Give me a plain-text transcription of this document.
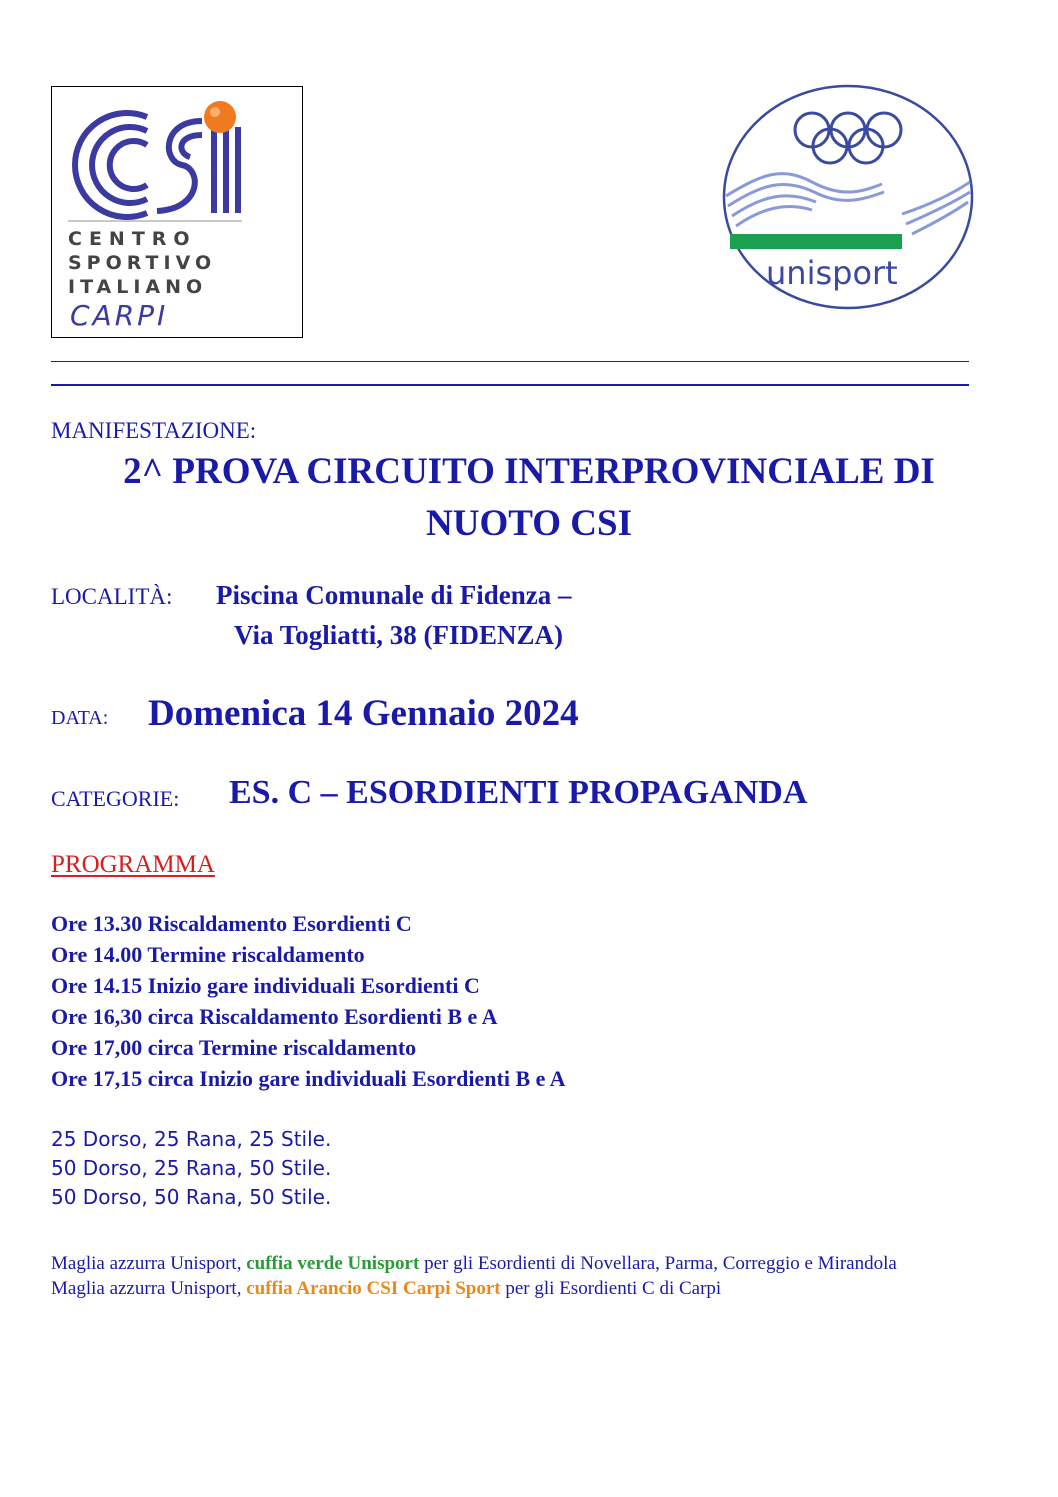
CENTRO
SPORTIVO
ITALIANO
CARPI
unisport
MANIFESTAZIONE:
2^ PROVA CIRCUITO INTERPROVINCIALE DI
NUOTO CSI
LOCALITÀ: Piscina Comunale di Fidenza –
Via Togliatti, 38 (FIDENZA)
DATA: Domenica 14 Gennaio 2024
CATEGORIE: ES. C – ESORDIENTI PROPAGANDA
PROGRAMMA
Ore 13.30 Riscaldamento Esordienti C
Ore 14.00 Termine riscaldamento
Ore 14.15 Inizio gare individuali Esordienti C
Ore 16,30 circa Riscaldamento Esordienti B e A
Ore 17,00 circa Termine riscaldamento
Ore 17,15 circa Inizio gare individuali Esordienti B e A
25 Dorso, 25 Rana, 25 Stile.
50 Dorso, 25 Rana, 50 Stile.
50 Dorso, 50 Rana, 50 Stile.
Maglia azzurra Unisport, cuffia verde Unisport per gli Esordienti di Novellara, Parma, Correggio e Mirandola
Maglia azzurra Unisport, cuffia Arancio CSI Carpi Sport per gli Esordienti C di Carpi
